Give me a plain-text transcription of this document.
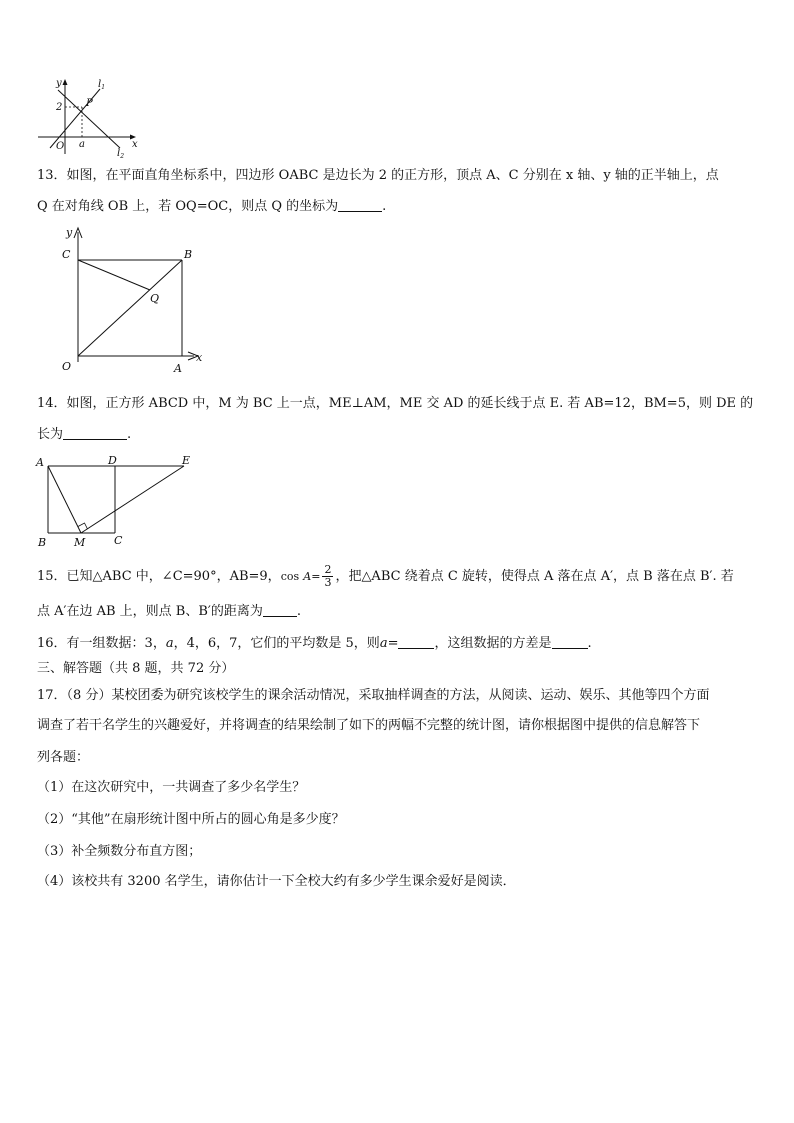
y
x
$l_1$
$l_2$
2 P
O a
13．如图，在平面直角坐标系中，四边形 OABC 是边长为 2 的正方形，顶点 A、C 分别在 x 轴、y 轴的正半轴上，点
Q 在对角线 OB 上，若 OQ=OC，则点 Q 的坐标为	.
y
x
C	B
Q
O	A
14．如图，正方形 ABCD 中，M 为 BC 上一点，ME⊥AM，ME 交 AD 的延长线于点 E. 若 AB=12，BM=5，则 DE 的
长为	.
A	D	E
B	M	C
15．已知△ABC 中，∠C=90°，AB=9，$\cos A= \frac{2}{3}$ ，把△ABC 绕着点 C 旋转，使得点 A 落在点 A′，点 B 落在点 B′. 若
点 A′在边 AB 上，则点 B、B′的距离为	.
16．有一组数据：3，a，4，6，7，它们的平均数是 5，则a=	，这组数据的方差是	.
三、解答题（共 8 题，共 72 分）
17．（8 分）某校团委为研究该校学生的课余活动情况，采取抽样调查的方法，从阅读、运动、娱乐、其他等四个方面
调查了若干名学生的兴趣爱好，并将调查的结果绘制了如下的两幅不完整的统计图，请你根据图中提供的信息解答下
列各题：
（1）在这次研究中，一共调查了多少名学生？
（2）“其他”在扇形统计图中所占的圆心角是多少度？
（3）补全频数分布直方图；
（4）该校共有 3200 名学生，请你估计一下全校大约有多少学生课余爱好是阅读．
